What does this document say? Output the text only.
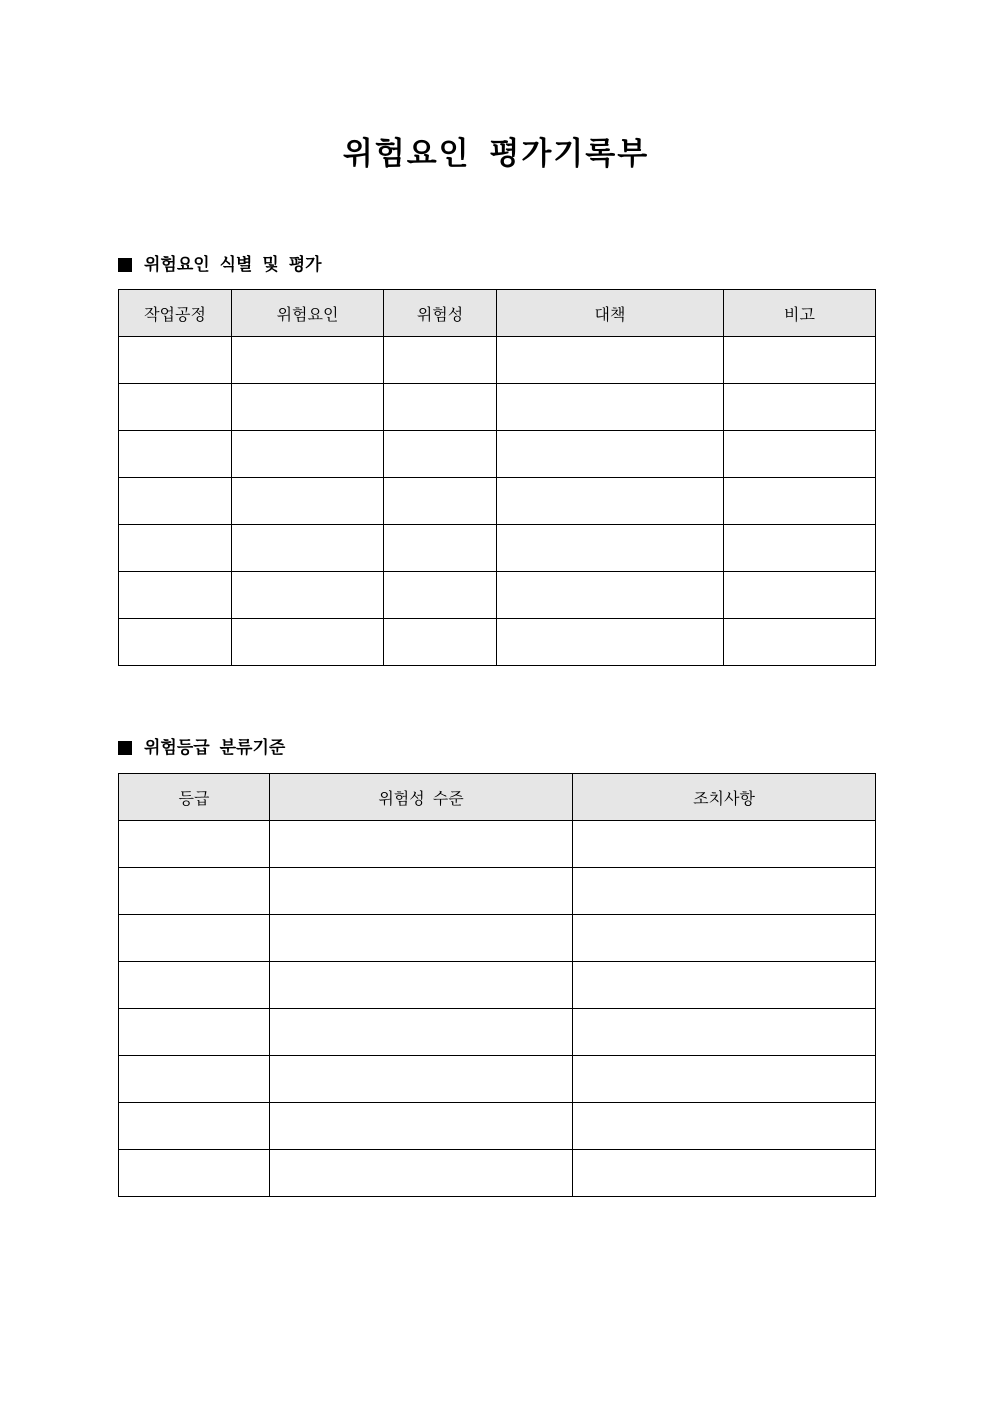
위험요인 평가기록부
위험요인 식별 및 평가
작업공정	위험요인	위험성	대책	비고

위험등급 분류기준
등급	위험성 수준	조치사항
